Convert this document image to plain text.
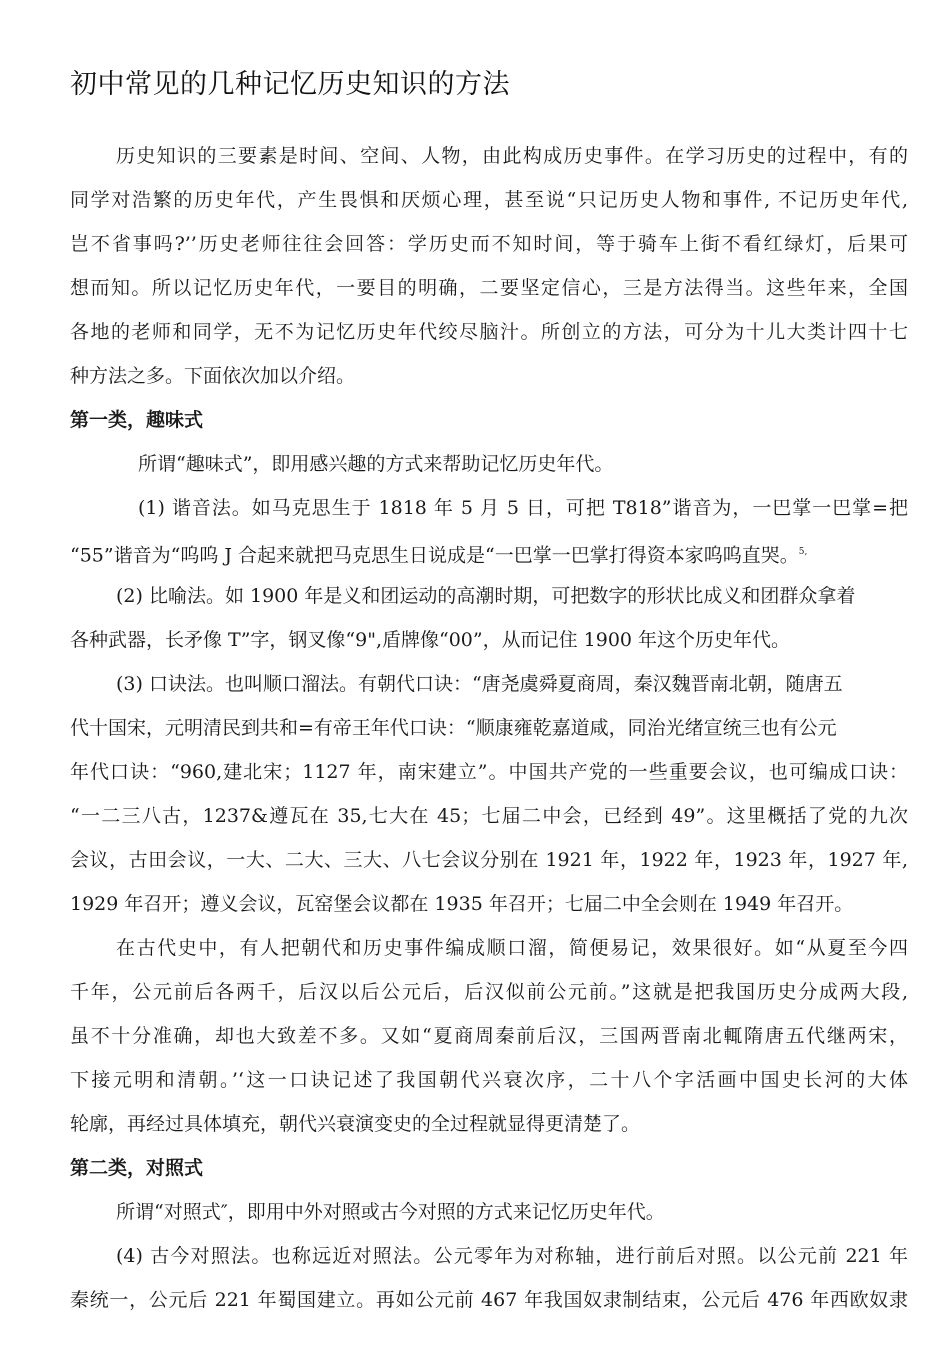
初中常见的几种记忆历史知识的方法
历史知识的三要素是时间、空间、人物，由此构成历史事件。在学习历史的过程中，有的
同学对浩繁的历史年代，产生畏惧和厌烦心理，甚至说“只记历史人物和事件, 不记历史年代,
岂不省事吗?’’历史老师往往会回答：学历史而不知时间，等于骑车上街不看红绿灯，后果可
想而知。所以记忆历史年代，一要目的明确，二要坚定信心，三是方法得当。这些年来，全国
各地的老师和同学，无不为记忆历史年代绞尽脑汁。所创立的方法，可分为十儿大类计四十七
种方法之多。下面依次加以介绍。
第一类，趣味式
所谓“趣味式”，即用感兴趣的方式来帮助记忆历史年代。
(1) 谐音法。如马克思生于 1818 年 5 月 5 日，可把 T818”谐音为，一巴掌一巴掌=把
“55”谐音为“呜呜 J 合起来就把马克思生日说成是“一巴掌一巴掌打得资本家呜呜直哭。$^{5,}$
(2) 比喻法。如 1900 年是义和团运动的高潮时期，可把数字的形状比成义和团群众拿着
各种武器，长矛像 T”字，钢叉像“9",盾牌像“00”，从而记住 1900 年这个历史年代。
(3) 口诀法。也叫顺口溜法。有朝代口诀：“唐尧虞舜夏商周，秦汉魏晋南北朝，随唐五
代十国宋，元明清民到共和=有帝王年代口诀：“顺康雍乾嘉道咸，同治光绪宣统三也有公元
年代口诀：“960,建北宋；1127 年，南宋建立”。中国共产党的一些重要会议，也可编成口诀：
“一二三八古，1237&遵瓦在 35,七大在 45；七届二中会，已经到 49”。这里概括了党的九次
会议，古田会议，一大、二大、三大、八七会议分别在 1921 年，1922 年，1923 年，1927 年,
1929 年召开；遵义会议，瓦窑堡会议都在 1935 年召开；七届二中全会则在 1949 年召开。
在古代史中，有人把朝代和历史事件编成顺口溜，简便易记，效果很好。如“从夏至今四
千年，公元前后各两千，后汉以后公元后，后汉似前公元前。”这就是把我国历史分成两大段,
虽不十分准确，却也大致差不多。又如“夏商周秦前后汉，三国两晋南北輒隋唐五代继两宋，
下接元明和清朝。’‘这一口诀记述了我国朝代兴衰次序，二十八个字活画中国史长河的大体
轮廓，再经过具体填充，朝代兴衰演变史的全过程就显得更清楚了。
第二类，对照式
所谓“对照式″，即用中外对照或古今对照的方式来记忆历史年代。
(4) 古今对照法。也称远近对照法。公元零年为对称轴，进行前后对照。以公元前 221 年
秦统一，公元后 221 年蜀国建立。再如公元前 467 年我国奴隶制结束，公元后 476 年西欧奴隶
